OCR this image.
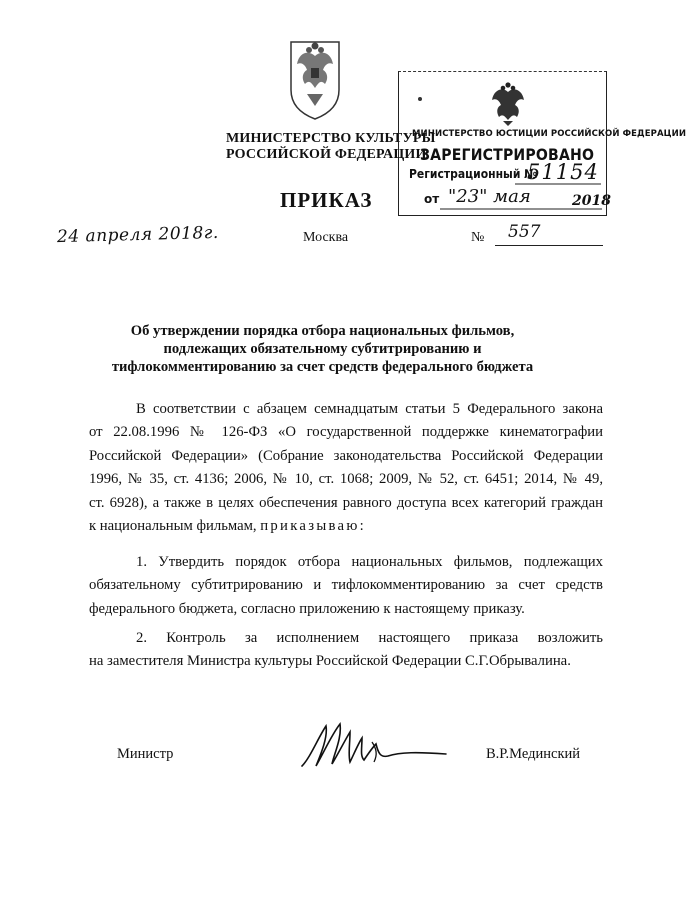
МИНИСТЕРСТВО КУЛЬТУРЫ
РОССИЙСКОЙ ФЕДЕРАЦИИ
МИНИСТЕРСТВО ЮСТИЦИИ РОССИЙСКОЙ ФЕДЕРАЦИИ
ЗАРЕГИСТРИРОВАНО
Регистрационный №
51154
от "23" мая	2018
ПРИКАЗ
24 апреля 2018г.	Москва	№ 557
Об утверждении порядка отбора национальных фильмов, подлежащих обязательному субтитрированию и тифлокомментированию за счет средств федерального бюджета
В соответствии с абзацем семнадцатым статьи 5 Федерального закона
от 22.08.1996 № 126-ФЗ «О государственной поддержке кинематографии
Российской Федерации» (Собрание законодательства Российской Федерации
1996, № 35, ст. 4136; 2006, № 10, ст. 1068; 2009, № 52, ст. 6451; 2014, № 49,
ст. 6928), а также в целях обеспечения равного доступа всех категорий граждан
к национальным фильмам, приказываю:
1. Утвердить порядок отбора национальных фильмов, подлежащих
обязательному субтитрированию и тифлокомментированию за счет средств
федерального бюджета, согласно приложению к настоящему приказу.
2. Контроль за исполнением настоящего приказа возложить
на заместителя Министра культуры Российской Федерации С.Г.Обрывалина.
Министр	В.Р.Мединский
